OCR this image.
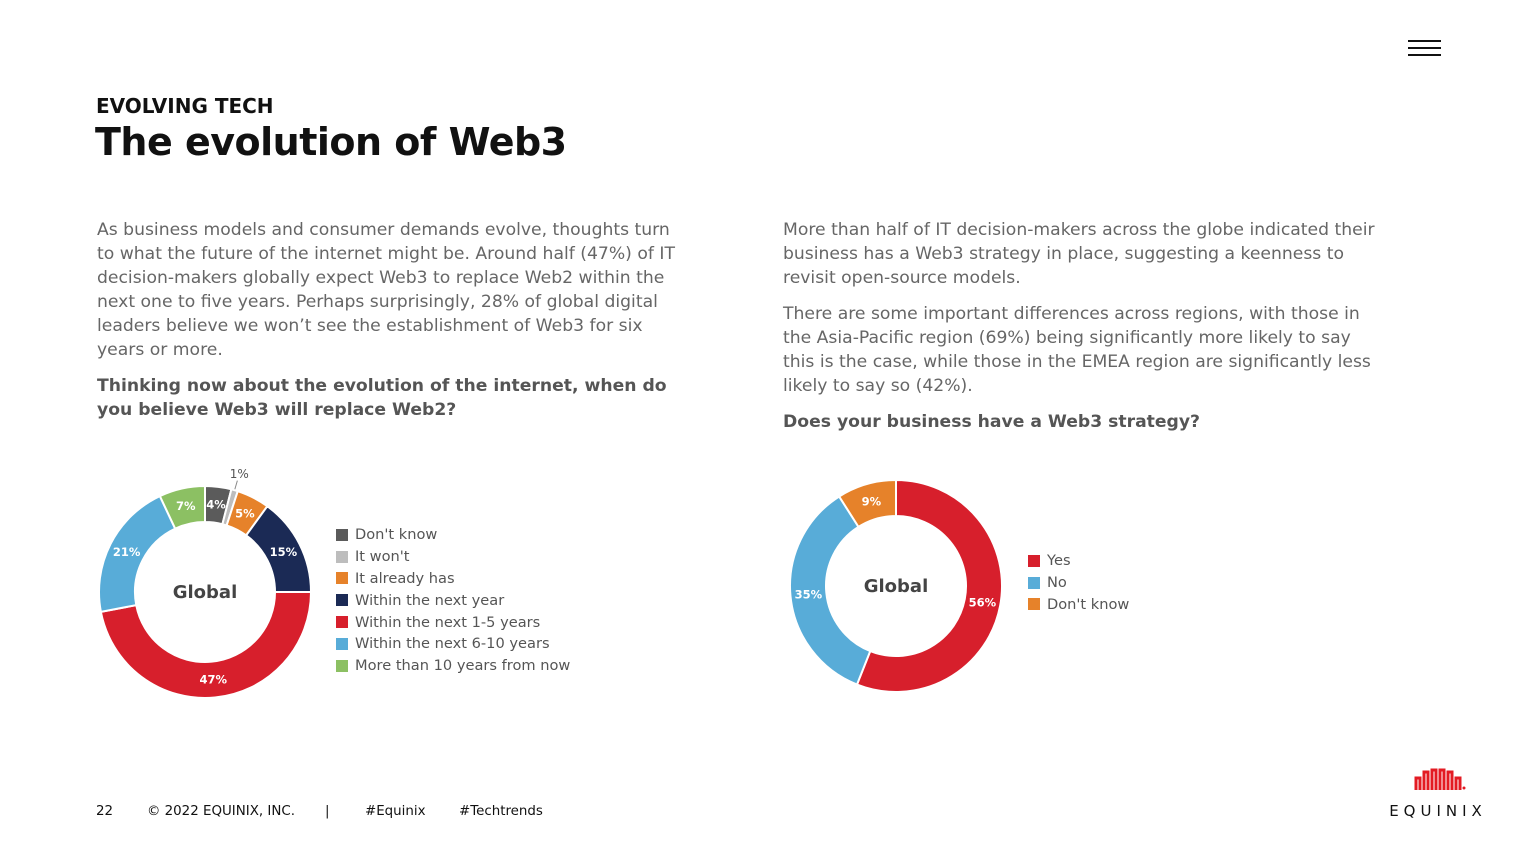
EVOLVING TECH
The evolution of Web3

As business models and consumer demands evolve, thoughts turn to what the future of the internet might be. Around half (47%) of IT decision-makers globally expect Web3 to replace Web2 within the next one to five years. Perhaps surprisingly, 28% of global digital leaders believe we won’t see the establishment of Web3 for six years or more.

Thinking now about the evolution of the internet, when do you believe Web3 will replace Web2?

More than half of IT decision-makers across the globe indicated their business has a Web3 strategy in place, suggesting a keenness to revisit open-source models.

There are some important differences across regions, with those in the Asia-Pacific region (69%) being significantly more likely to say this is the case, while those in the EMEA region are significantly less likely to say so (42%).

Does your business have a Web3 strategy?

4%
1%
5%
15%
47%
21%
7%
Global
Don't know
It won't
It already has
Within the next year
Within the next 1-5 years
Within the next 6-10 years
More than 10 years from now
56%
35%
9%
Global
Yes
No
Don't know
22	© 2022 EQUINIX, INC. |	#Equinix #Techtrends	EQUINIX
